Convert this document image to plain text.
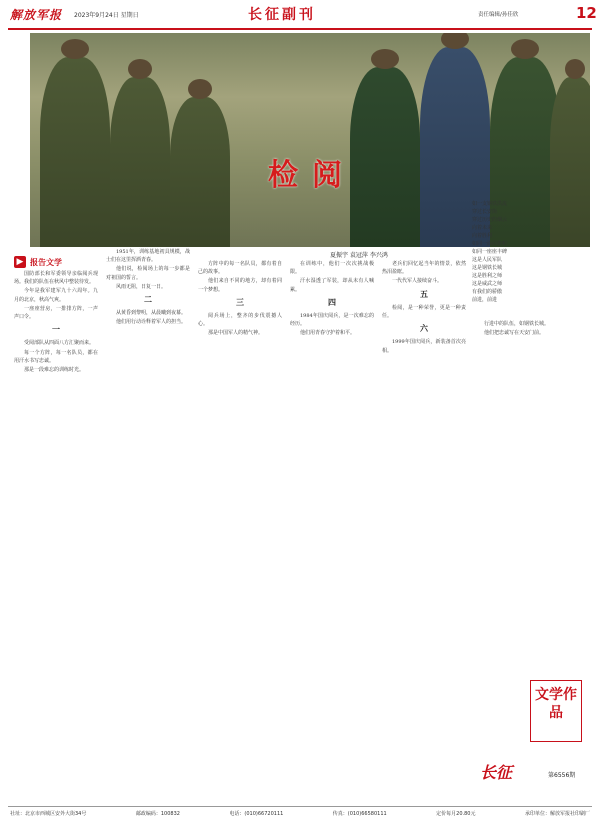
解放军报 2023年9月24日 星期日	长征副刊	责任编辑/孙佳欣	12
检阅
夏振宇 袁冠萍 李兴鸿
▶ 报告文学

国防部长和军委领导亲临阅兵现场。我们的队伍在秋风中整装待发。

今年是我军建军九十六周年。九月的北京，秋高气爽。

一座座营房，一排排方阵，一声声口令。

一

受阅部队从四面八方汇聚而来。

每一个方阵，每一名队员，都在用汗水书写忠诚。

那是一段难忘的训练时光。

1951年，训练基地初具规模，战士们在这里挥洒青春。

他们说，检阅场上的每一步都是对祖国的誓言。

风雨无阻，日复一日。

二

从黄昏到黎明，从晨曦到夜幕。

他们用行动诠释着军人的担当。

方阵中的每一名队员，都有着自己的故事。

他们来自不同的地方，却有着同一个梦想。

三

阅兵场上，整齐的步伐震撼人心。

那是中国军人的精气神。

在训练中，他们一次次挑战极限。

汗水湿透了军装，却从未有人喊累。

四

1984年国庆阅兵，是一次难忘的经历。

他们用青春守护着和平。

老兵们回忆起当年的情景，依然热泪盈眶。

一代代军人接续奋斗。

五

检阅，是一种荣誉，更是一种责任。

六

1999年国庆阅兵，新装备首次亮相。

如一支钢铁洪流
穿过长安街
穿过历史的烟云
向着未来
向着胜利
如同一面面旗帜
如同一座座丰碑
这是人民军队
这是钢铁长城
这是胜利之师
这是威武之师
有我们的骄傲
前进，前进

行进中的队伍，如钢铁长城。

他们把忠诚写在天安门前。

文学作品
长征	第6556期
社址：北京市西城区安外大街34号	邮政编码：100832	电话：(010)66720111	传真：(010)66580111	定价每月20.80元	承印单位：解放军报社印刷厂
